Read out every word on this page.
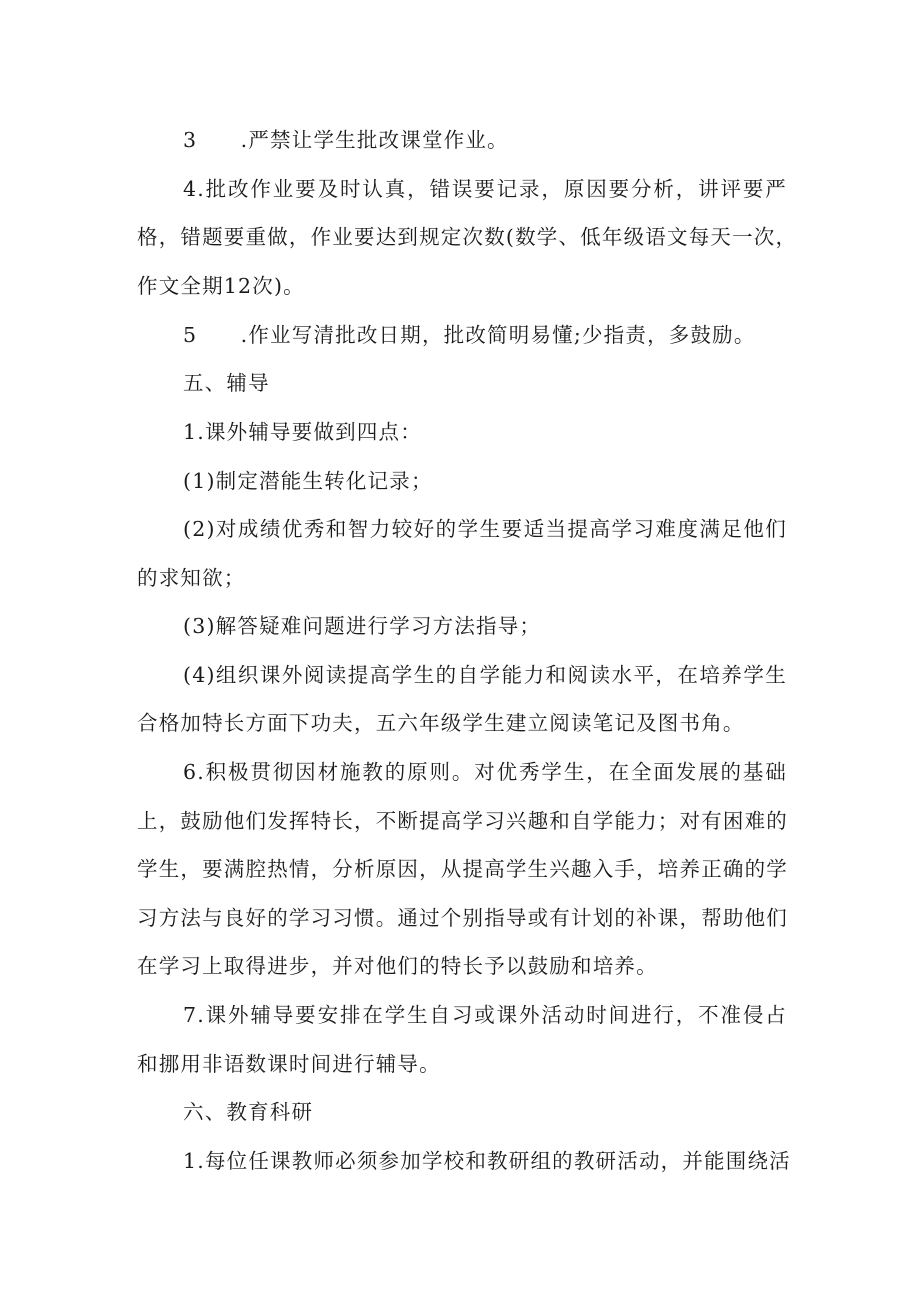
3　　.严禁让学生批改课堂作业。
4.批改作业要及时认真，错误要记录，原因要分析，讲评要严
格，错题要重做，作业要达到规定次数(数学、低年级语文每天一次，
作文全期12次)。
5　　.作业写清批改日期，批改简明易懂;少指责，多鼓励。
五、辅导
1.课外辅导要做到四点：
(1)制定潜能生转化记录；
(2)对成绩优秀和智力较好的学生要适当提高学习难度满足他们
的求知欲；
(3)解答疑难问题进行学习方法指导；
(4)组织课外阅读提高学生的自学能力和阅读水平，在培养学生
合格加特长方面下功夫，五六年级学生建立阅读笔记及图书角。
6.积极贯彻因材施教的原则。对优秀学生，在全面发展的基础
上，鼓励他们发挥特长，不断提高学习兴趣和自学能力；对有困难的
学生，要满腔热情，分析原因，从提高学生兴趣入手，培养正确的学
习方法与良好的学习习惯。通过个别指导或有计划的补课，帮助他们
在学习上取得进步，并对他们的特长予以鼓励和培养。
7.课外辅导要安排在学生自习或课外活动时间进行，不准侵占
和挪用非语数课时间进行辅导。
六、教育科研
1.每位任课教师必须参加学校和教研组的教研活动，并能围绕活
